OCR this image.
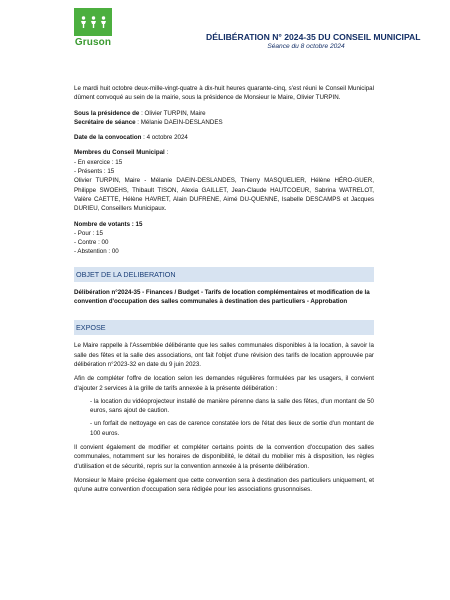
Gruson	DÉLIBÉRATION N° 2024-35 DU CONSEIL MUNICIPAL
Séance du 8 octobre 2024

Le mardi huit octobre deux-mille-vingt-quatre à dix-huit heures quarante-cinq, s'est réuni le Conseil Municipal dûment convoqué au sein de la mairie, sous la présidence de Monsieur le Maire, Olivier TURPIN.

Sous la présidence de : Olivier TURPIN, Maire

Secrétaire de séance : Mélanie DAEIN-DESLANDES

Date de la convocation : 4 octobre 2024

Membres du Conseil Municipal :

- En exercice : 15

- Présents : 15

Olivier TURPIN, Maire - Mélanie DAEIN-DESLANDES, Thierry MASQUELIER, Hélène HÉRO-GUER, Philippe SWOEHS, Thibault TISON, Alexia GAILLET, Jean-Claude HAUTCOEUR, Sabrina WATRELOT, Valère CAETTE, Hélène HAVRET, Alain DUFRENE, Aimé DU-QUENNE, Isabelle DESCAMPS et Jacques DURIEU, Conseillers Municipaux.

Nombre de votants : 15

- Pour : 15

- Contre : 00

- Abstention : 00

OBJET DE LA DELIBERATION

Délibération n°2024-35 - Finances / Budget - Tarifs de location complémentaires et modification de la convention d'occupation des salles communales à destination des particuliers - Approbation

EXPOSE

Le Maire rappelle à l'Assemblée délibérante que les salles communales disponibles à la location, à savoir la salle des fêtes et la salle des associations, ont fait l'objet d'une révision des tarifs de location approuvée par délibération n°2023-32 en date du 9 juin 2023.

Afin de compléter l'offre de location selon les demandes régulières formulées par les usagers, il convient d'ajouter 2 services à la grille de tarifs annexée à la présente délibération :

- la location du vidéoprojecteur installé de manière pérenne dans la salle des fêtes, d'un montant de 50 euros, sans ajout de caution.

- un forfait de nettoyage en cas de carence constatée lors de l'état des lieux de sortie d'un montant de 100 euros.

Il convient également de modifier et compléter certains points de la convention d'occupation des salles communales, notamment sur les horaires de disponibilité, le détail du mobilier mis à disposition, les règles d'utilisation et de sécurité, repris sur la convention annexée à la présente délibération.

Monsieur le Maire précise également que cette convention sera à destination des particuliers uniquement, et qu'une autre convention d'occupation sera rédigée pour les associations grusonnoises.
